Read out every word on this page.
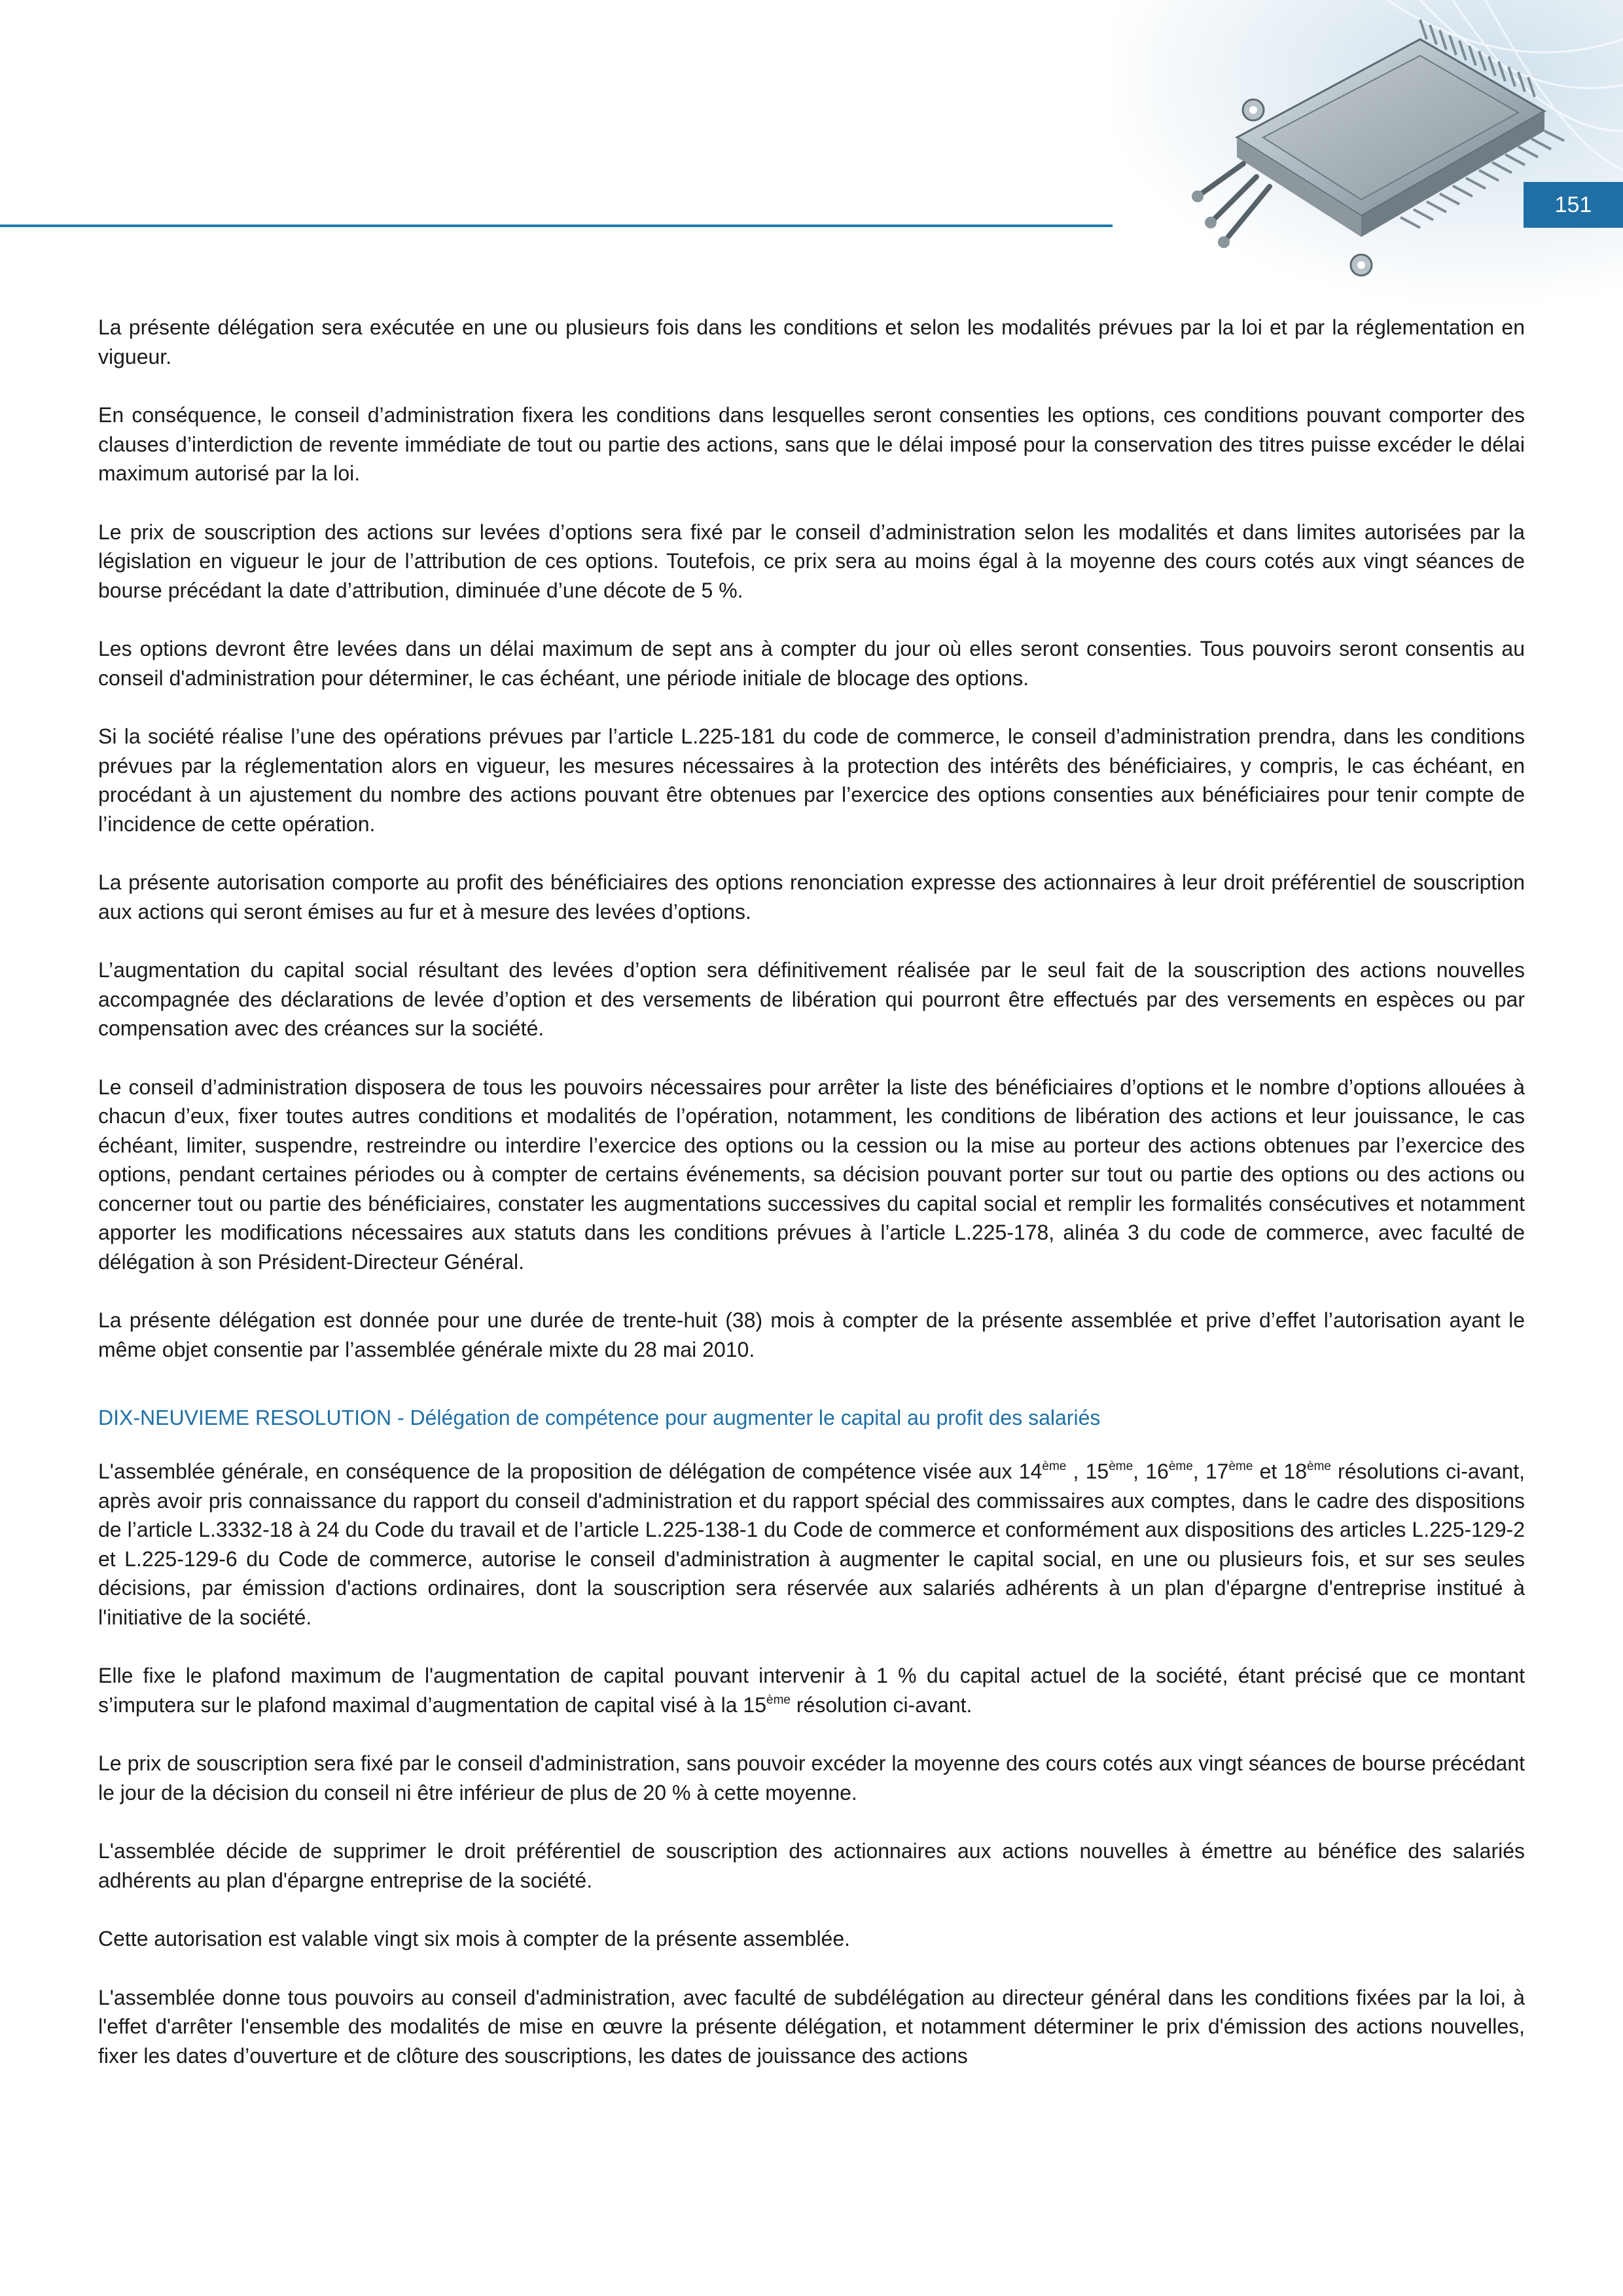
151

La présente délégation sera exécutée en une ou plusieurs fois dans les conditions et selon les modalités prévues par la loi et par la réglementation en vigueur.

En conséquence, le conseil d’administration fixera les conditions dans lesquelles seront consenties les options, ces conditions pouvant comporter des clauses d’interdiction de revente immédiate de tout ou partie des actions, sans que le délai imposé pour la conservation des titres puisse excéder le délai maximum autorisé par la loi.

Le prix de souscription des actions sur levées d’options sera fixé par le conseil d’administration selon les modalités et dans limites autorisées par la législation en vigueur le jour de l’attribution de ces options. Toutefois, ce prix sera au moins égal à la moyenne des cours cotés aux vingt séances de bourse précédant la date d’attribution, diminuée d’une décote de 5 %.

Les options devront être levées dans un délai maximum de sept ans à compter du jour où elles seront consenties. Tous pouvoirs seront consentis au conseil d'administration pour déterminer, le cas échéant, une période initiale de blocage des options.

Si la société réalise l’une des opérations prévues par l’article L.225-181 du code de commerce, le conseil d’administration prendra, dans les conditions prévues par la réglementation alors en vigueur, les mesures nécessaires à la protection des intérêts des bénéficiaires, y compris, le cas échéant, en procédant à un ajustement du nombre des actions pouvant être obtenues par l’exercice des options consenties aux bénéficiaires pour tenir compte de l’incidence de cette opération.

La présente autorisation comporte au profit des bénéficiaires des options renonciation expresse des actionnaires à leur droit préférentiel de souscription aux actions qui seront émises au fur et à mesure des levées d’options.

L’augmentation du capital social résultant des levées d’option sera définitivement réalisée par le seul fait de la souscription des actions nouvelles accompagnée des déclarations de levée d’option et des versements de libération qui pourront être effectués par des versements en espèces ou par compensation avec des créances sur la société.

Le conseil d’administration disposera de tous les pouvoirs nécessaires pour arrêter la liste des bénéficiaires d’options et le nombre d’options allouées à chacun d’eux, fixer toutes autres conditions et modalités de l’opération, notamment, les conditions de libération des actions et leur jouissance, le cas échéant, limiter, suspendre, restreindre ou interdire l’exercice des options ou la cession ou la mise au porteur des actions obtenues par l’exercice des options, pendant certaines périodes ou à compter de certains événements, sa décision pouvant porter sur tout ou partie des options ou des actions ou concerner tout ou partie des bénéficiaires, constater les augmentations successives du capital social et remplir les formalités consécutives et notamment apporter les modifications nécessaires aux statuts dans les conditions prévues à l’article L.225-178, alinéa 3 du code de commerce, avec faculté de délégation à son Président-Directeur Général.

La présente délégation est donnée pour une durée de trente-huit (38) mois à compter de la présente assemblée et prive d’effet l’autorisation ayant le même objet consentie par l’assemblée générale mixte du 28 mai 2010.

DIX-NEUVIEME RESOLUTION - Délégation de compétence pour augmenter le capital au profit des salariés

L'assemblée générale, en conséquence de la proposition de délégation de compétence visée aux 14ème , 15ème, 16ème, 17ème et 18ème résolutions ci-avant, après avoir pris connaissance du rapport du conseil d'administration et du rapport spécial des commissaires aux comptes, dans le cadre des dispositions de l’article L.3332-18 à 24 du Code du travail et de l’article L.225-138-1 du Code de commerce et conformément aux dispositions des articles L.225-129-2 et L.225-129-6 du Code de commerce, autorise le conseil d'administration à augmenter le capital social, en une ou plusieurs fois, et sur ses seules décisions, par émission d'actions ordinaires, dont la souscription sera réservée aux salariés adhérents à un plan d'épargne d'entreprise institué à l'initiative de la société.

Elle fixe le plafond maximum de l'augmentation de capital pouvant intervenir à 1 % du capital actuel de la société, étant précisé que ce montant s’imputera sur le plafond maximal d’augmentation de capital visé à la 15ème résolution ci-avant.

Le prix de souscription sera fixé par le conseil d'administration, sans pouvoir excéder la moyenne des cours cotés aux vingt séances de bourse précédant le jour de la décision du conseil ni être inférieur de plus de 20 % à cette moyenne.

L'assemblée décide de supprimer le droit préférentiel de souscription des actionnaires aux actions nouvelles à émettre au bénéfice des salariés adhérents au plan d'épargne entreprise de la société.

Cette autorisation est valable vingt six mois à compter de la présente assemblée.

L'assemblée donne tous pouvoirs au conseil d'administration, avec faculté de subdélégation au directeur général dans les conditions fixées par la loi, à l'effet d'arrêter l'ensemble des modalités de mise en œuvre la présente délégation, et notamment déterminer le prix d'émission des actions nouvelles, fixer les dates d’ouverture et de clôture des souscriptions, les dates de jouissance des actions
